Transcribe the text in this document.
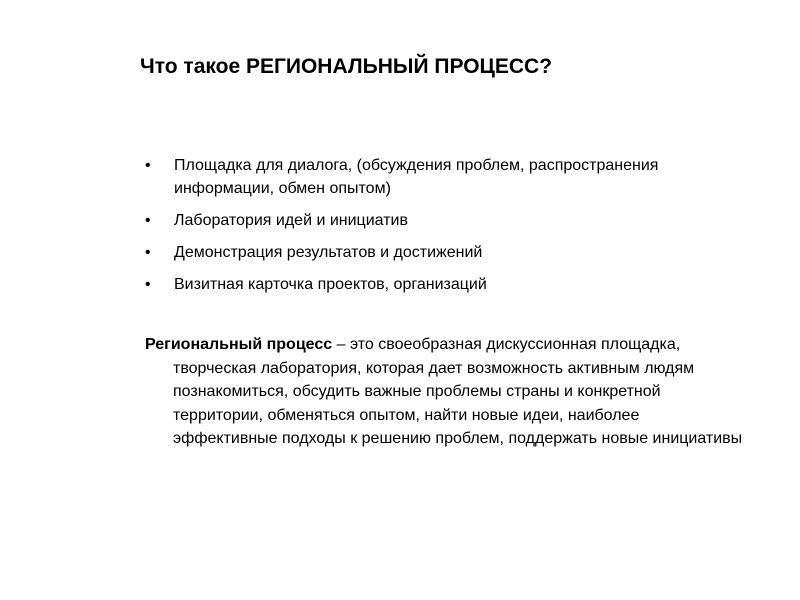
Что такое РЕГИОНАЛЬНЫЙ ПРОЦЕСС?
•	Площадка для диалога, (обсуждения проблем, распространения информации, обмен опытом)
•	Лаборатория идей и инициатив
•	Демонстрация результатов и достижений
•	Визитная карточка проектов, организаций
Региональный процесс – это своеобразная дискуссионная площадка, творческая лаборатория, которая дает возможность активным людям познакомиться, обсудить важные проблемы страны и конкретной территории, обменяться опытом, найти новые идеи, наиболее эффективные подходы к решению проблем, поддержать новые инициативы
